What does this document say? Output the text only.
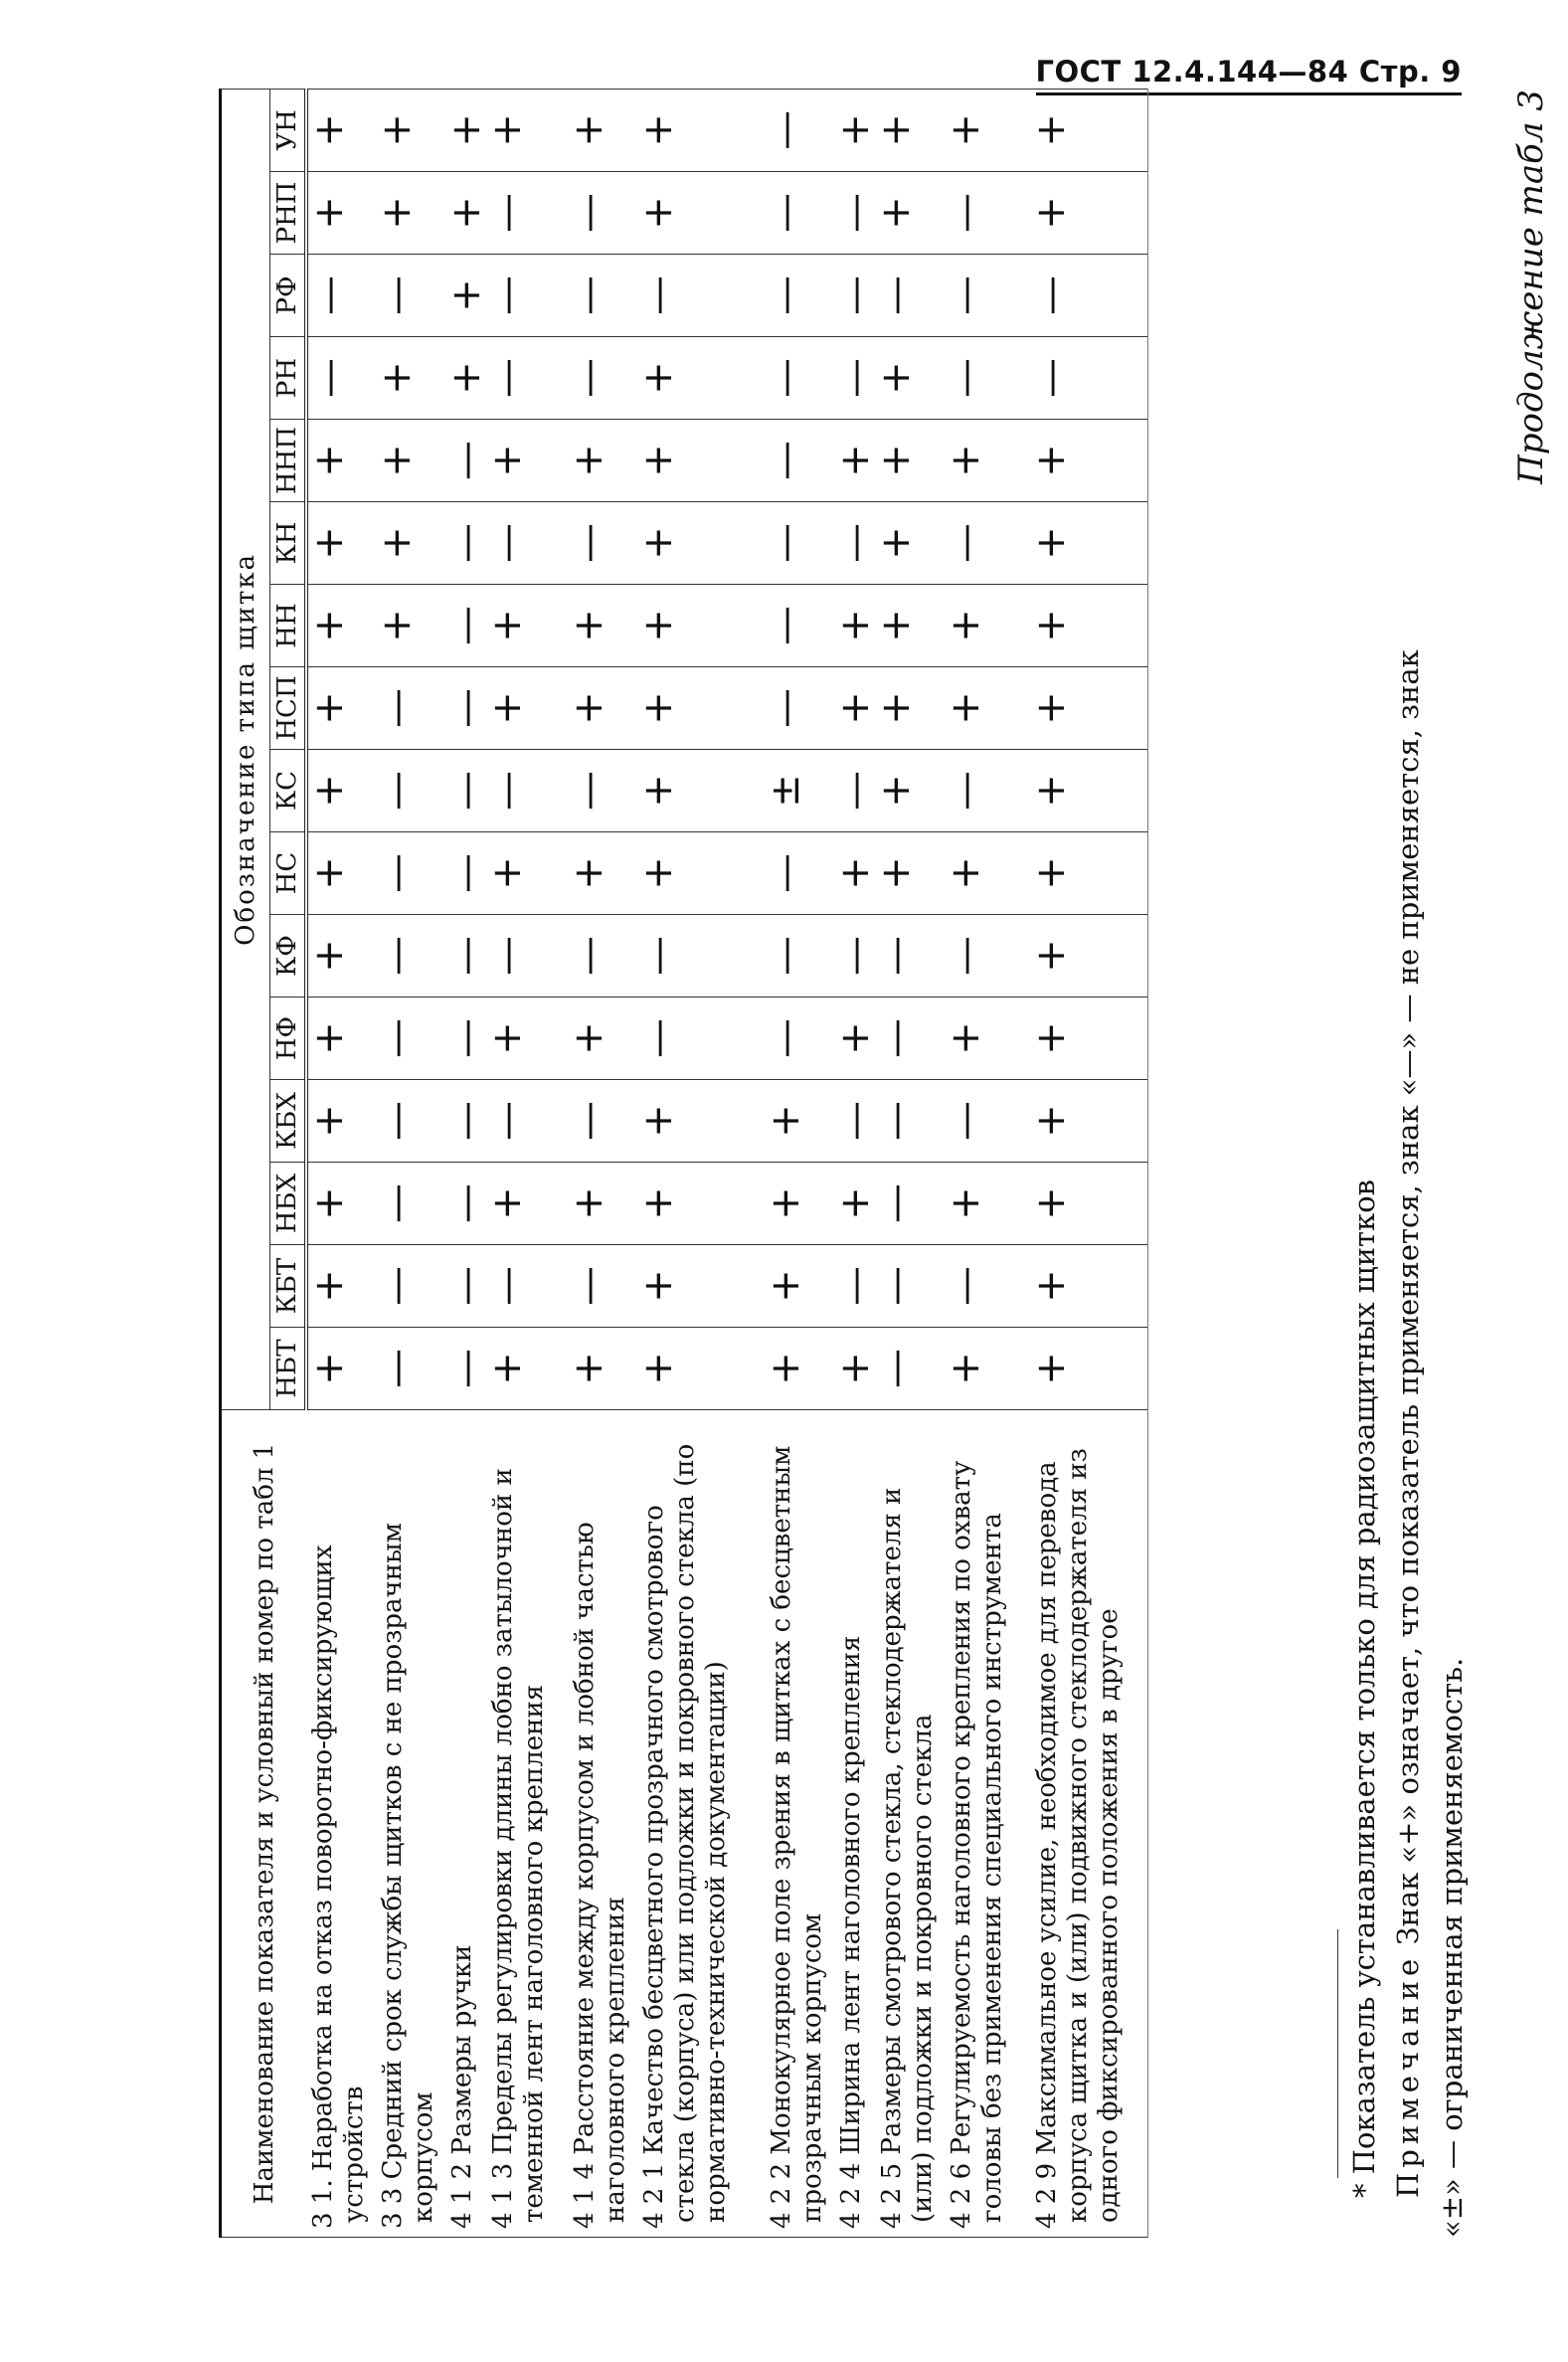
ГОСТ 12.4.144—84 Стр. 9
Продолжение табл 3
Наименование показателя и условный номер по табл 1	Обозначение типа щитка															
	НБТ	КБТ	НБХ	КБХ	НФ	КФ	НС	КС	НСП	НН	КН	ННП	РН	РФ	РНП	УН
3 1. Наработка на отказ поворотно-фиксирующих устройств	+	+	+	+	+	+	+	+	+	+	+	+	—	—	+	+
3 3 Средний срок службы щитков с не прозрачным корпусом	—	—	—	—	—	—	—	—	—	+	+	+	+	—	+	+
4 1 2 Размеры ручки	—	—	—	—	—	—	—	—	—	—	—	—	+	+	+	+
4 1 3 Пределы регулировки длины лобно затылочной и теменной лент наголовного крепления	+	—	+	—	+	—	+	—	+	+	—	+	—	—	—	+
4 1 4 Расстояние между корпусом и лобной частью наголовного крепления	+	—	+	—	+	—	+	—	+	+	—	+	—	—	—	+
4 2 1 Качество бесцветного прозрачного смотрового стекла (корпуса) или подложки и покровного стекла (по нормативно-технической документации)	+	+	+	+	—	—	+	+	+	+	+	+	+	—	+	+
4 2 2 Монокулярное поле зрения в щитках с бесцветным прозрачным корпусом	+	+	+	+	—	—	—	±	—	—	—	—	—	—	—	—
4 2 4 Ширина лент наголовного крепления	+	—	+	—	+	—	+	—	+	+	—	+	—	—	—	+
4 2 5 Размеры смотрового стекла, стеклодержателя и (или) подложки и покровного стекла	—	—	—	—	—	—	+	+	+	+	+	+	+	—	+	+
4 2 6 Регулируемость наголовного крепления по охвату головы без применения специального инструмента	+	—	+	—	+	—	+	—	+	+	—	+	—	—	—	+
4 2 9 Максимальное усилие, необходимое для перевода корпуса щитка и (или) подвижного стеклодержателя из одного фиксированного положения в другое	+	+	+	+	+	+	+	+	+	+	+	+	—	—	+	+
* Показатель устанавливается только для радиозащитных щитков Примечание Знак «+» означает, что показатель применяется, знак «—» — не применяется, знак «±» — ограниченная применяемость.
